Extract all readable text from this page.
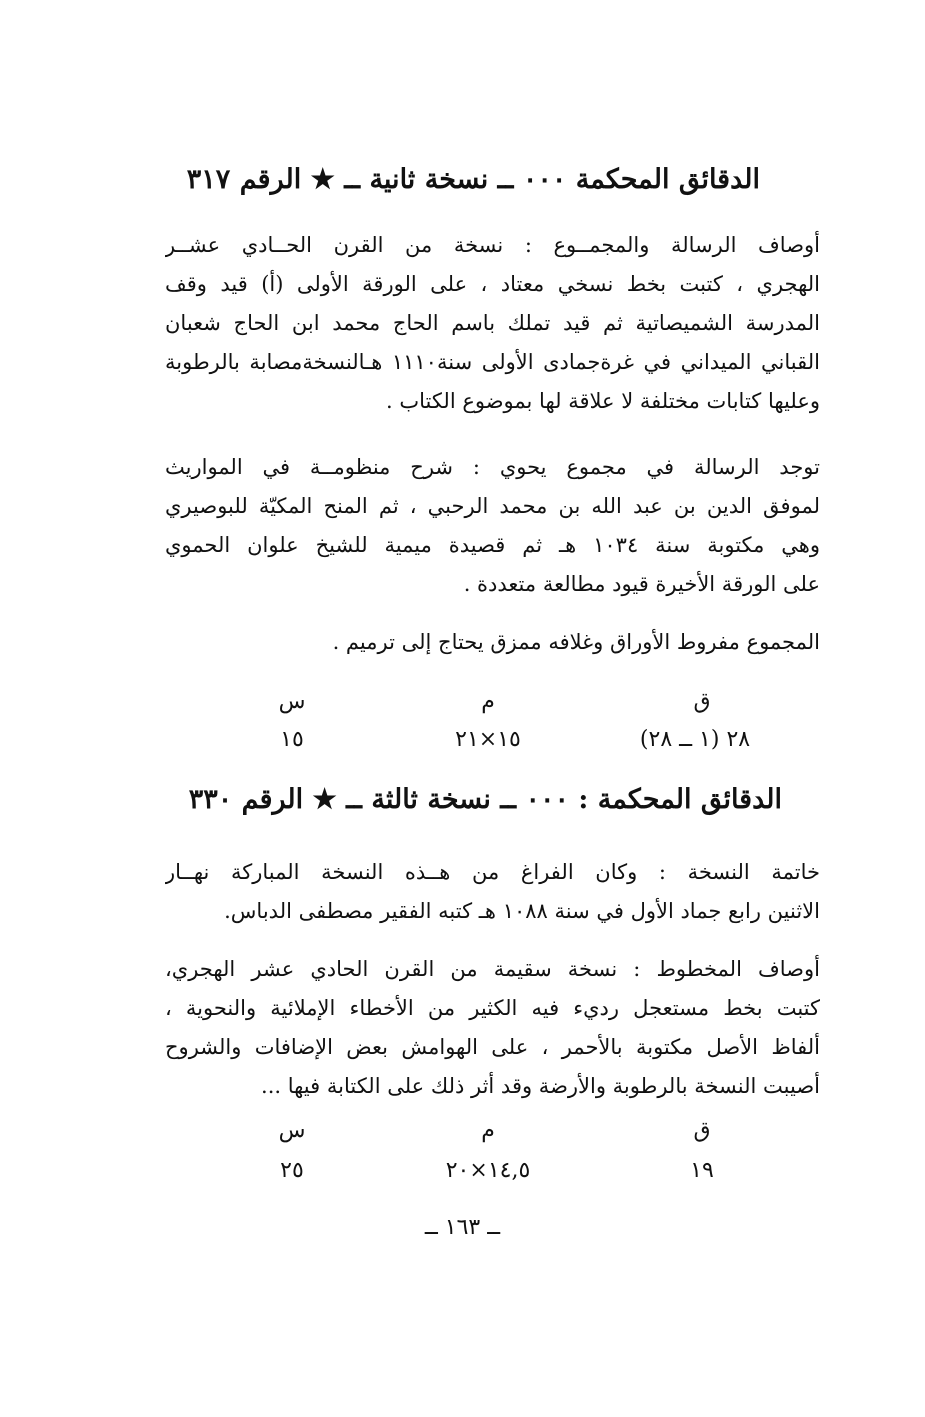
الدقائق المحكمة ٠٠٠ ــ نسخة ثانية ــ ★ الرقم ٣١٧
أوصاف الرسالة والمجمــوع : نسخة من القرن الحــادي عشــر
الهجري ، كتبت بخط نسخي معتاد ، على الورقة الأولى (أ) قيد وقف
المدرسة الشميصاتية ثم قيد تملك باسم الحاج محمد ابن الحاج شعبان
القباني الميداني في غرةجمادى الأولى سنة١١١٠ هـالنسخةمصابة بالرطوبة
وعليها كتابات مختلفة لا علاقة لها بموضوع الكتاب .
توجد الرسالة في مجموع يحوي : شرح منظومــة في المواريث
لموفق الدين بن عبد الله بن محمد الرحبي ، ثم المنح المكيّة للبوصيري
وهي مكتوبة سنة ١٠٣٤ هـ ثم قصيدة ميمية للشيخ علوان الحموي
على الورقة الأخيرة قيود مطالعة متعددة .
المجموع مفروط الأوراق وغلافه ممزق يحتاج إلى ترميم .
ق
م
س
٢٨ (١ ــ ٢٨)
١٥×٢١
١٥
الدقائق المحكمة : ٠٠٠ ــ نسخة ثالثة ــ ★ الرقم ٣٣٠
خاتمة النسخة : وكان الفراغ من هــذه النسخة المباركة نهــار
الاثنين رابع جماد الأول في سنة ١٠٨٨ هـ كتبه الفقير مصطفى الدباس.
أوصاف المخطوط : نسخة سقيمة من القرن الحادي عشر الهجري،
كتبت بخط مستعجل رديء فيه الكثير من الأخطاء الإملائية والنحوية ،
ألفاظ الأصل مكتوبة بالأحمر ، على الهوامش بعض الإضافات والشروح
أصيبت النسخة بالرطوبة والأرضة وقد أثر ذلك على الكتابة فيها ...
ق
م
س
١٩
١٤,٥×٢٠
٢٥
ــ ١٦٣ ــ
